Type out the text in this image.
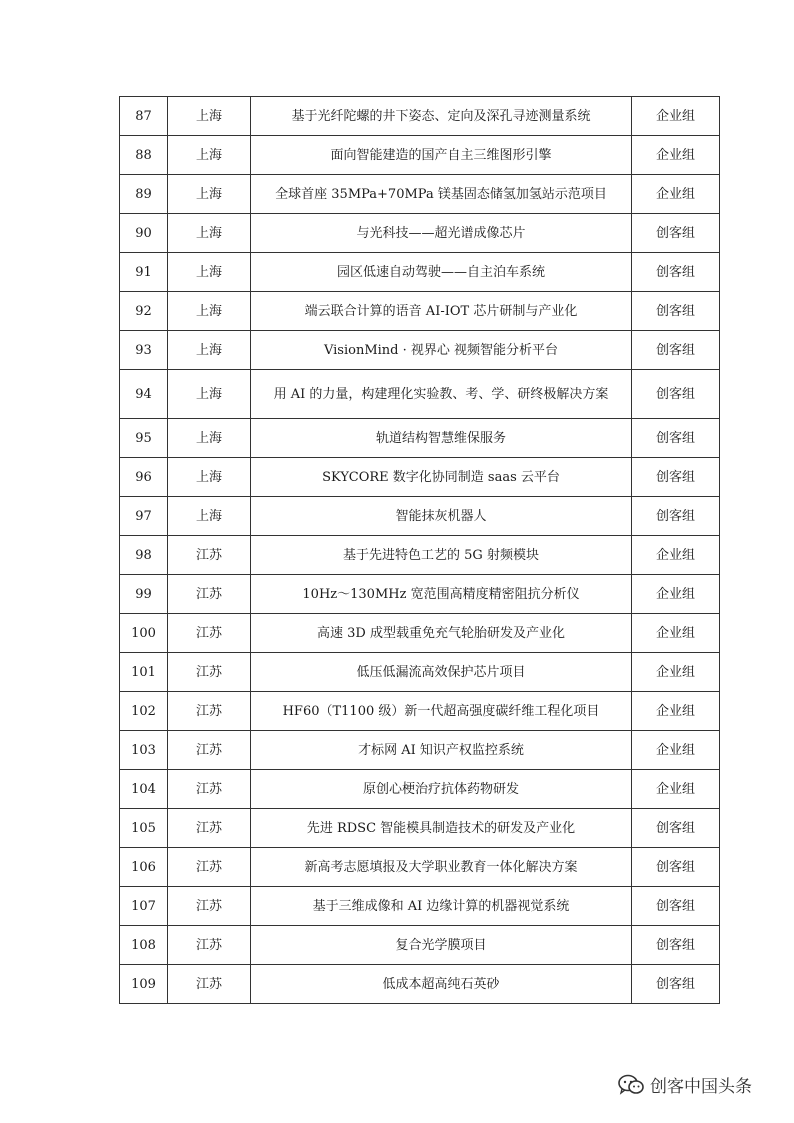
87	上海	基于光纤陀螺的井下姿态、定向及深孔寻迹测量系统	企业组
88	上海	面向智能建造的国产自主三维图形引擎	企业组
89	上海	全球首座 35MPa+70MPa 镁基固态储氢加氢站示范项目	企业组
90	上海	与光科技——超光谱成像芯片	创客组
91	上海	园区低速自动驾驶——自主泊车系统	创客组
92	上海	端云联合计算的语音 AI-IOT 芯片研制与产业化	创客组
93	上海	VisionMind · 视界心 视频智能分析平台	创客组
94	上海	用 AI 的力量，构建理化实验教、考、学、研终极解决方案	创客组
95	上海	轨道结构智慧维保服务	创客组
96	上海	SKYCORE 数字化协同制造 saas 云平台	创客组
97	上海	智能抹灰机器人	创客组
98	江苏	基于先进特色工艺的 5G 射频模块	企业组
99	江苏	10Hz～130MHz 宽范围高精度精密阻抗分析仪	企业组
100	江苏	高速 3D 成型载重免充气轮胎研发及产业化	企业组
101	江苏	低压低漏流高效保护芯片项目	企业组
102	江苏	HF60（T1100 级）新一代超高强度碳纤维工程化项目	企业组
103	江苏	才标网 AI 知识产权监控系统	企业组
104	江苏	原创心梗治疗抗体药物研发	企业组
105	江苏	先进 RDSC 智能模具制造技术的研发及产业化	创客组
106	江苏	新高考志愿填报及大学职业教育一体化解决方案	创客组
107	江苏	基于三维成像和 AI 边缘计算的机器视觉系统	创客组
108	江苏	复合光学膜项目	创客组
109	江苏	低成本超高纯石英砂	创客组
创客中国头条
